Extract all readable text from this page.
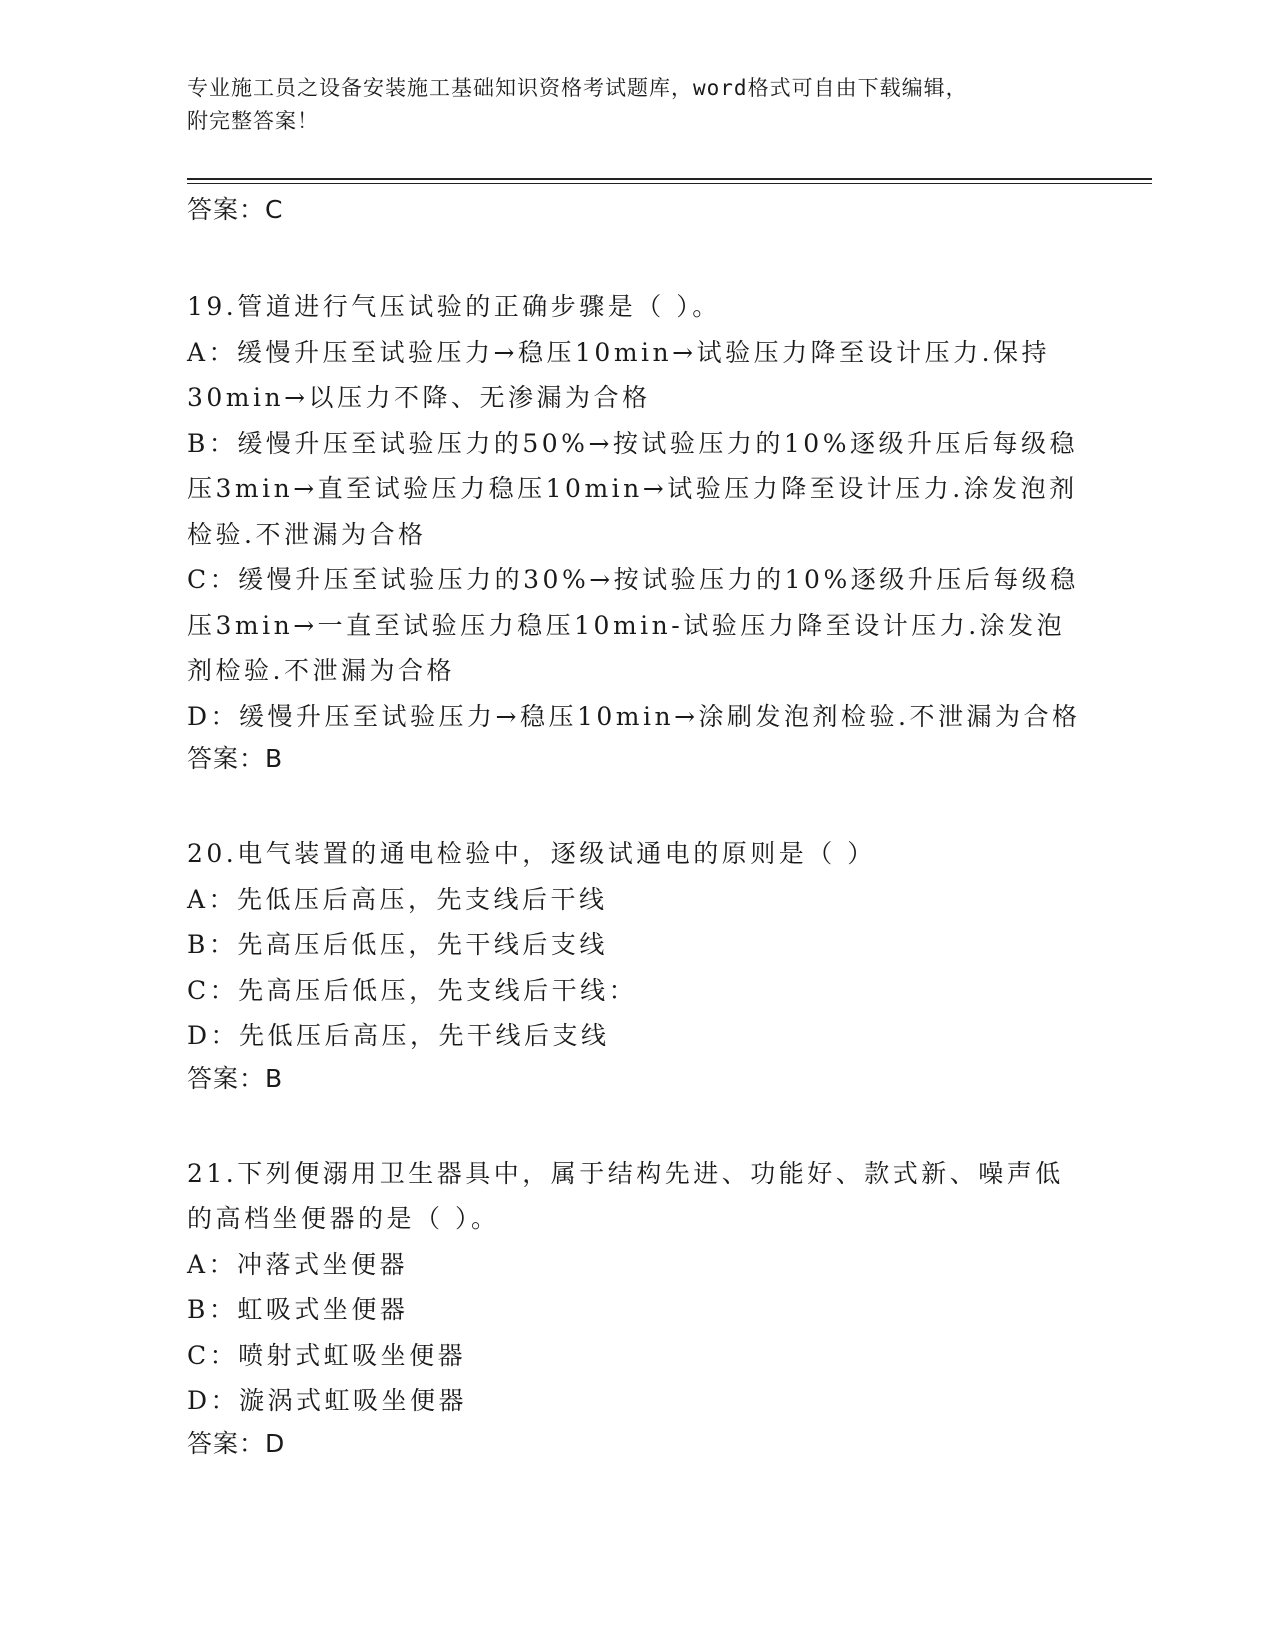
专业施工员之设备安装施工基础知识资格考试题库，word格式可自由下载编辑，
附完整答案！

答案：C

19.管道进行气压试验的正确步骤是（ ）。

A：缓慢升压至试验压力→稳压10min→试验压力降至设计压力.保持

30min→以压力不降、无渗漏为合格

B：缓慢升压至试验压力的50%→按试验压力的10%逐级升压后每级稳

压3min→直至试验压力稳压10min→试验压力降至设计压力.涂发泡剂

检验.不泄漏为合格

C：缓慢升压至试验压力的30%→按试验压力的10%逐级升压后每级稳

压3min→一直至试验压力稳压10min-试验压力降至设计压力.涂发泡

剂检验.不泄漏为合格

D：缓慢升压至试验压力→稳压10min→涂刷发泡剂检验.不泄漏为合格

答案：B

20.电气装置的通电检验中，逐级试通电的原则是（ ）

A：先低压后高压，先支线后干线

B：先高压后低压，先干线后支线

C：先高压后低压，先支线后干线：

D：先低压后高压，先干线后支线

答案：B

21.下列便溺用卫生器具中，属于结构先进、功能好、款式新、噪声低

的高档坐便器的是（ ）。

A：冲落式坐便器

B：虹吸式坐便器

C：喷射式虹吸坐便器

D：漩涡式虹吸坐便器

答案：D
